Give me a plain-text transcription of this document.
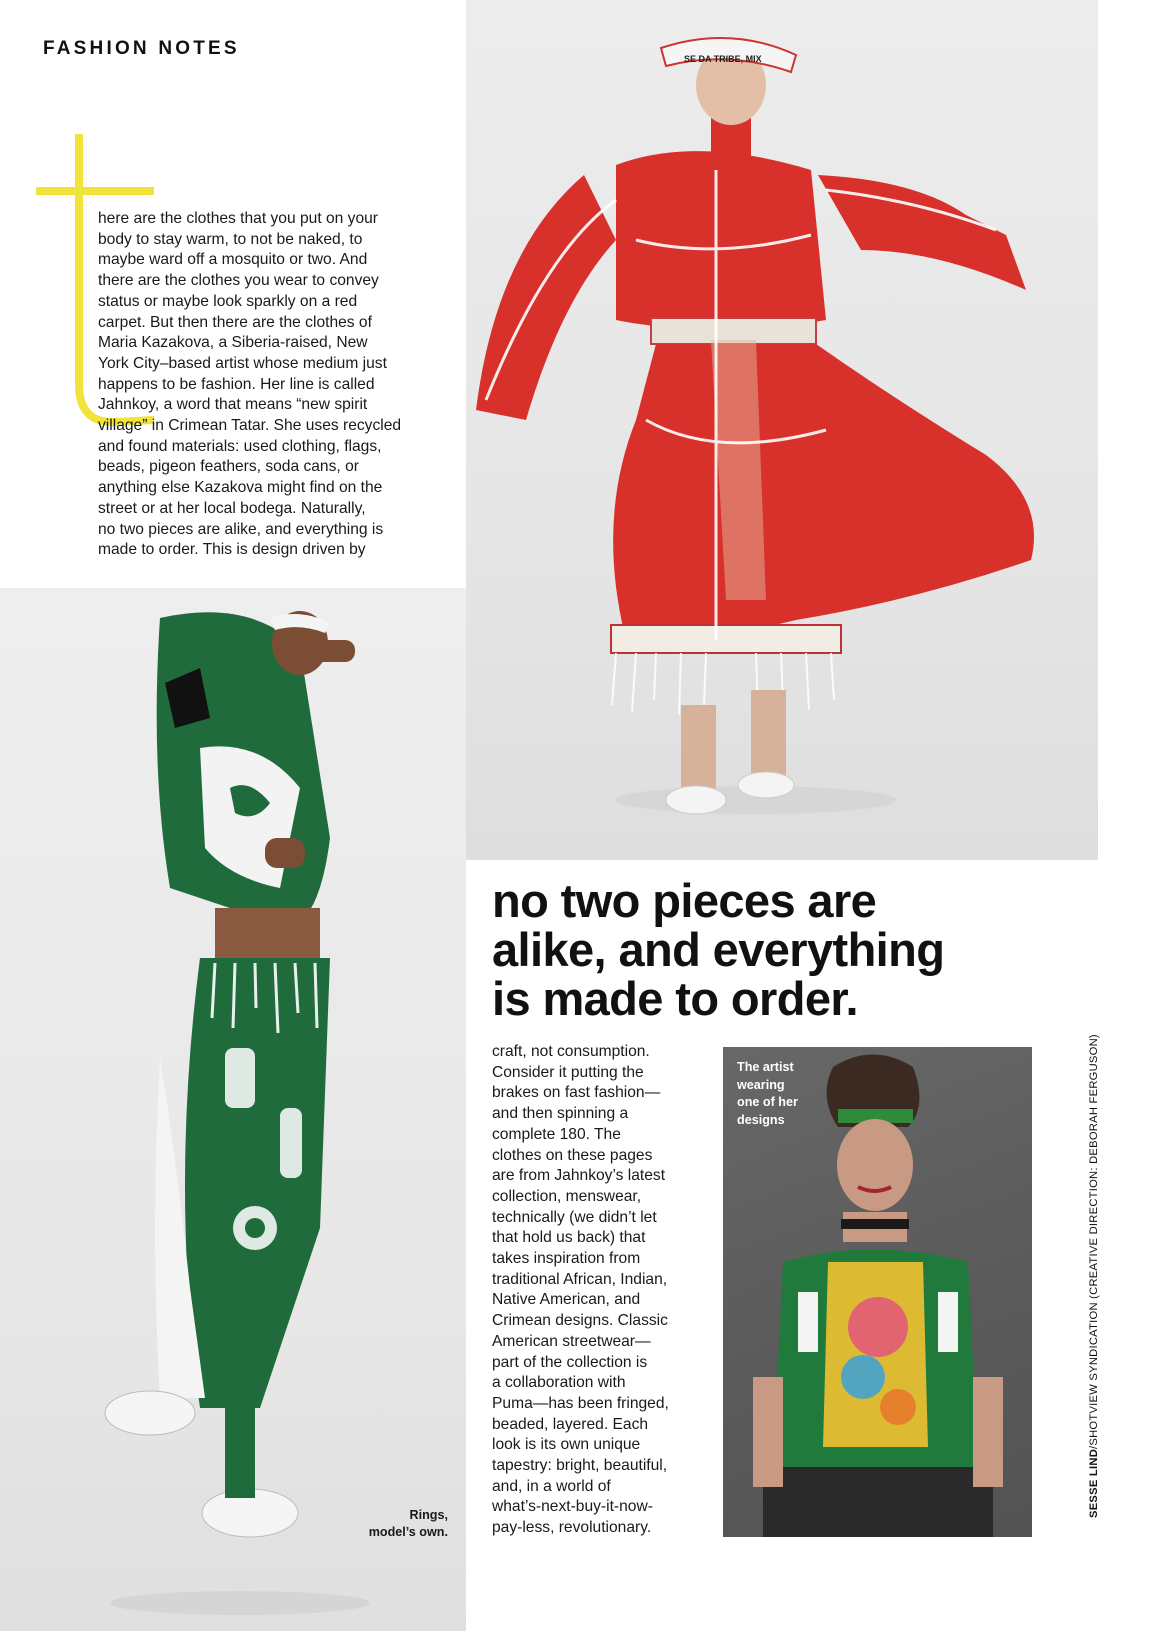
SE DA TRIBE, MIX
FASHION NOTES

here are the clothes that you put on your
body to stay warm, to not be naked, to
maybe ward off a mosquito or two. And
there are the clothes you wear to convey
status or maybe look sparkly on a red
carpet. But then there are the clothes of
Maria Kazakova, a Siberia-raised, New
York City–based artist whose medium just
happens to be fashion. Her line is called
Jahnkoy, a word that means “new spirit
village” in Crimean Tatar. She uses recycled
and found materials: used clothing, flags,
beads, pigeon feathers, soda cans, or
anything else Kazakova might find on the
street or at her local bodega. Naturally,
no two pieces are alike, and everything is
made to order. This is design driven by

no two pieces are
alike, and everything
is made to order.

craft, not consumption.
Consider it putting the
brakes on fast fashion—
and then spinning a
complete 180. The
clothes on these pages
are from Jahnkoy’s latest
collection, menswear,
technically (we didn’t let
that hold us back) that
takes inspiration from
traditional African, Indian,
Native American, and
Crimean designs. Classic
American streetwear—
part of the collection is
a collaboration with
Puma—has been fringed,
beaded, layered. Each
look is its own unique
tapestry: bright, beautiful,
and, in a world of
what’s-next-buy-it-now-
pay-less, revolutionary.

The artist
wearing
one of her
designs

Rings,
model’s own.

SESSE LIND/SHOTVIEW SYNDICATION (CREATIVE DIRECTION: DEBORAH FERGUSON)
